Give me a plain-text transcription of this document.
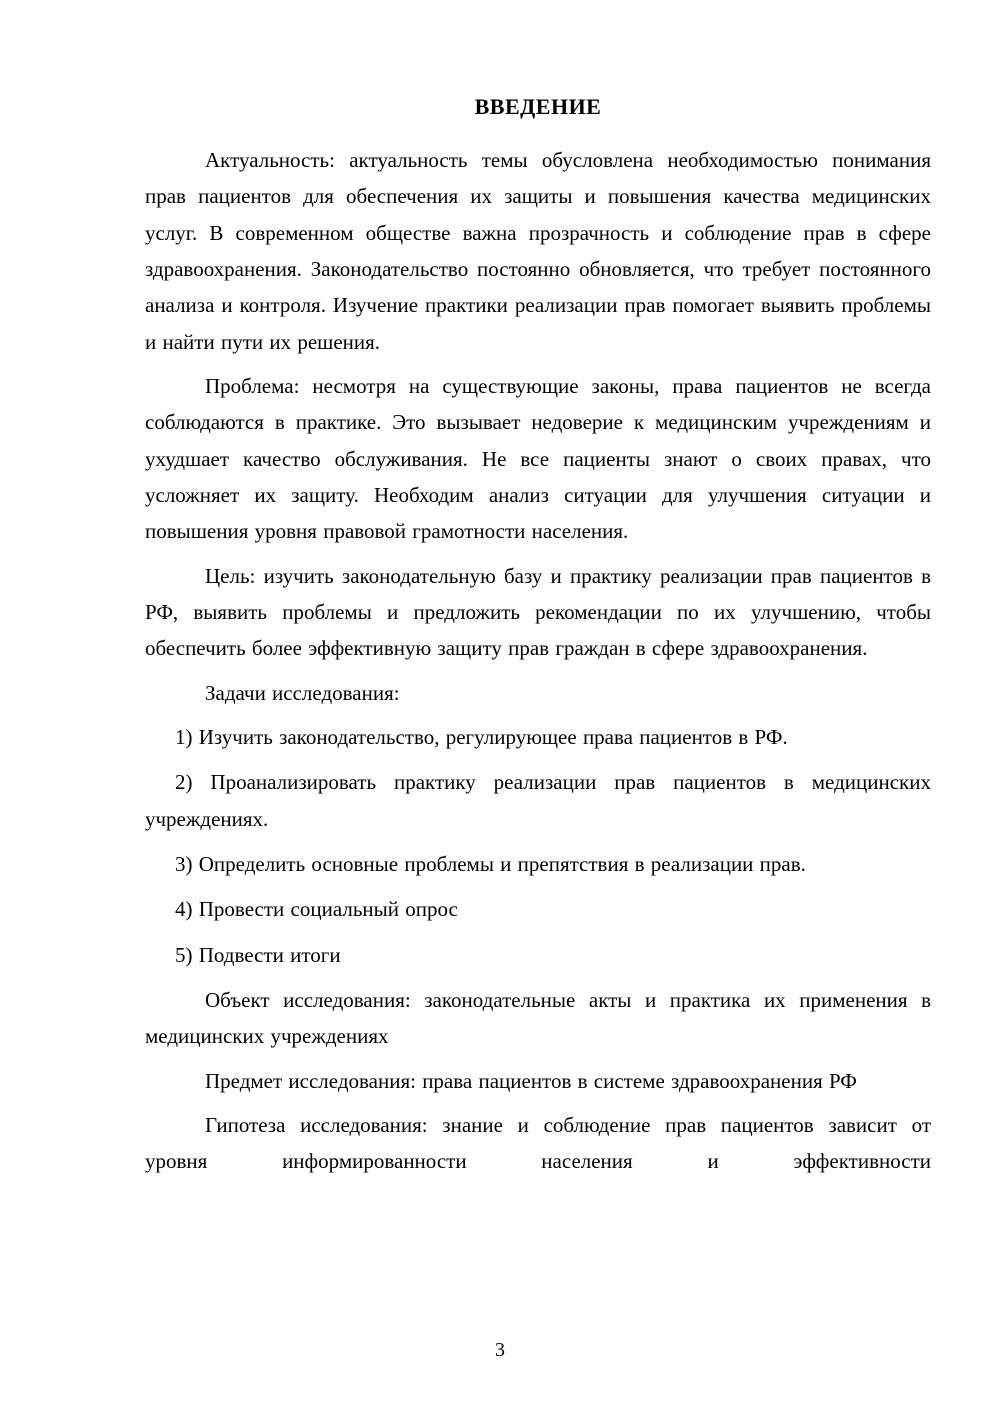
ВВЕДЕНИЕ

Актуальность: актуальность темы обусловлена необходимостью понимания прав пациентов для обеспечения их защиты и повышения качества медицинских услуг. В современном обществе важна прозрачность и соблюдение прав в сфере здравоохранения. Законодательство постоянно обновляется, что требует постоянного анализа и контроля. Изучение практики реализации прав помогает выявить проблемы и найти пути их решения.

Проблема: несмотря на существующие законы, права пациентов не всегда соблюдаются в практике. Это вызывает недоверие к медицинским учреждениям и ухудшает качество обслуживания. Не все пациенты знают о своих правах, что усложняет их защиту. Необходим анализ ситуации для улучшения ситуации и повышения уровня правовой грамотности населения.

Цель: изучить законодательную базу и практику реализации прав пациентов в РФ, выявить проблемы и предложить рекомендации по их улучшению, чтобы обеспечить более эффективную защиту прав граждан в сфере здравоохранения.

Задачи исследования:

1) Изучить законодательство, регулирующее права пациентов в РФ.

2) Проанализировать практику реализации прав пациентов в медицинских учреждениях.

3) Определить основные проблемы и препятствия в реализации прав.

4) Провести социальный опрос

5) Подвести итоги

Объект исследования: законодательные акты и практика их применения в медицинских учреждениях

Предмет исследования: права пациентов в системе здравоохранения РФ

Гипотеза исследования: знание и соблюдение прав пациентов зависит от уровня информированности населения и эффективности

3
